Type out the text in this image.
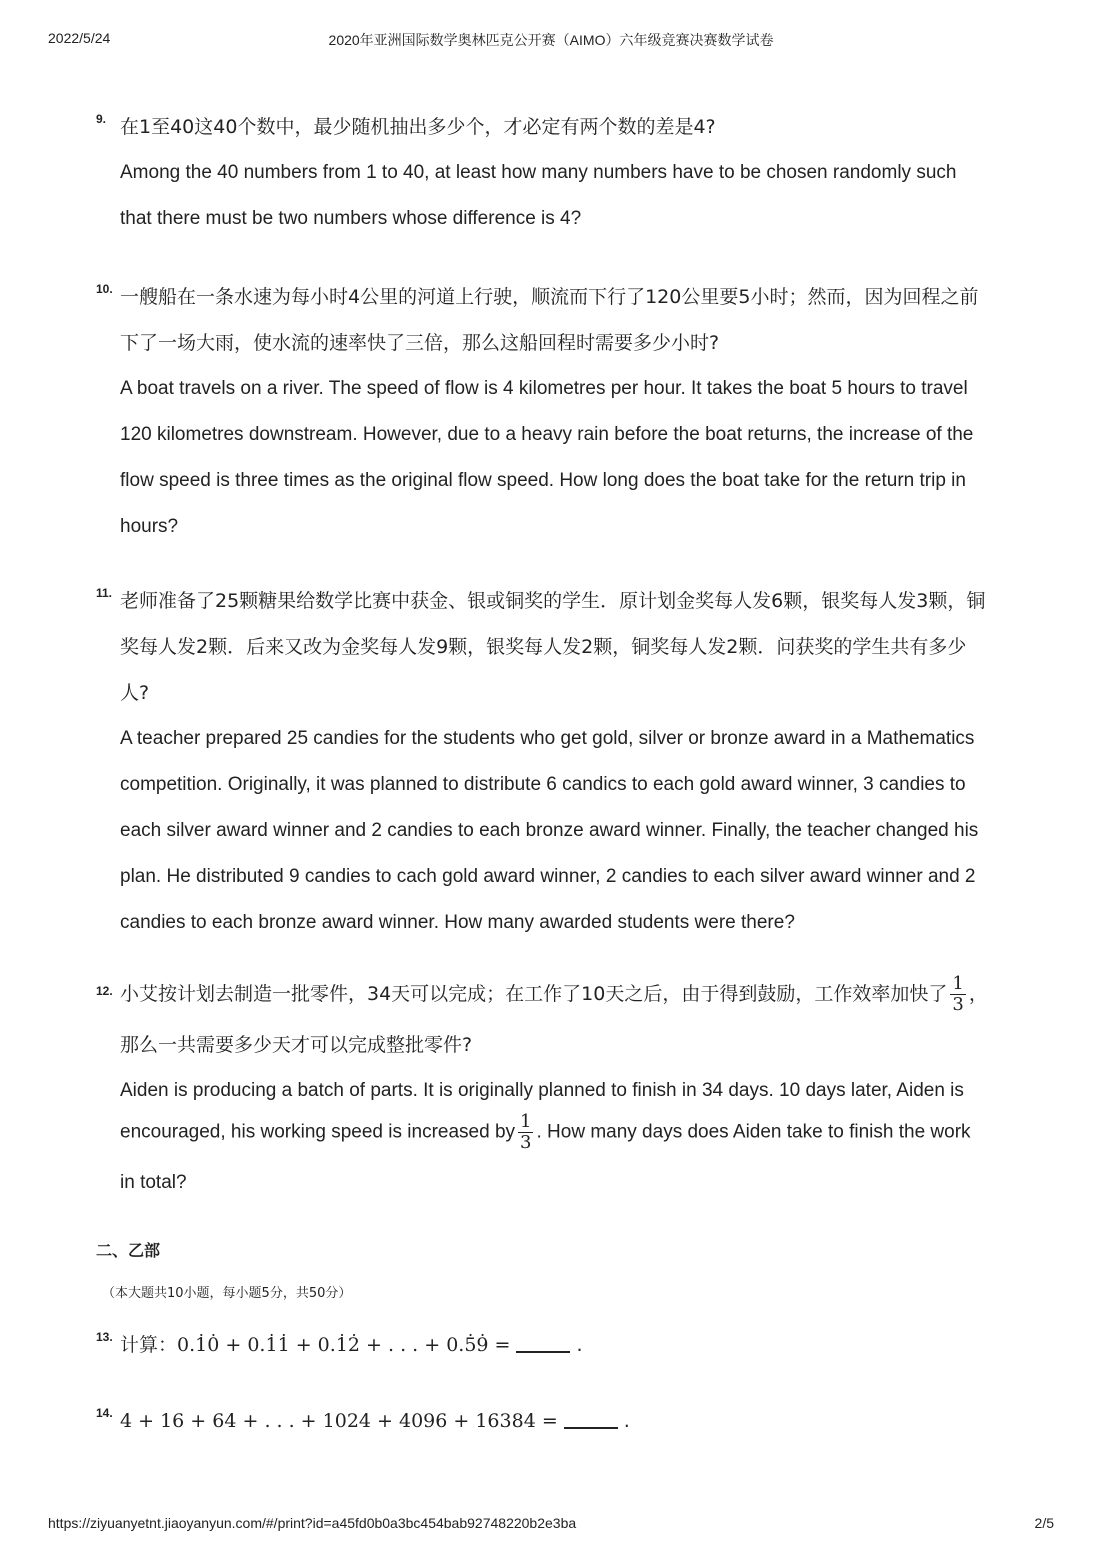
2022/5/24	2020年亚洲国际数学奥林匹克公开赛（AIMO）六年级竞赛决赛数学试卷
9. 在1至40这40个数中，最少随机抽出多少个，才必定有两个数的差是4?
Among the 40 numbers from 1 to 40, at least how many numbers have to be chosen randomly such
that there must be two numbers whose difference is 4?
10. 一艘船在一条水速为每小时4公里的河道上行驶，顺流而下行了120公里要5小时；然而，因为回程之前
下了一场大雨，使水流的速率快了三倍，那么这船回程时需要多少小时?
A boat travels on a river. The speed of flow is 4 kilometres per hour. It takes the boat 5 hours to travel
120 kilometres downstream. However, due to a heavy rain before the boat returns, the increase of the
flow speed is three times as the original flow speed. How long does the boat take for the return trip in
hours?
11. 老师准备了25颗糖果给数学比赛中获金、银或铜奖的学生．原计划金奖每人发6颗，银奖每人发3颗，铜
奖每人发2颗．后来又改为金奖每人发9颗，银奖每人发2颗，铜奖每人发2颗．问获奖的学生共有多少
人?
A teacher prepared 25 candies for the students who get gold, silver or bronze award in a Mathematics
competition. Originally, it was planned to distribute 6 candics to each gold award winner, 3 candies to
each silver award winner and 2 candies to each bronze award winner. Finally, the teacher changed his
plan. He distributed 9 candies to cach gold award winner, 2 candies to each silver award winner and 2
candies to each bronze award winner. How many awarded students were there?
12. 小艾按计划去制造一批零件，34天可以完成；在工作了10天之后，由于得到鼓励，工作效率加快了 $\frac{1}{3}$ ，
那么一共需要多少天才可以完成整批零件?
Aiden is producing a batch of parts. It is originally planned to finish in 34 days. 10 days later, Aiden is
encouraged, his working speed is increased by $\frac{1}{3}$ . How many days does Aiden take to finish the work
in total?
二、乙部
（本大题共10小题，每小题5分，共50分）
13. 计算：0.. 1. 0 + 0.. 1. 1 + 0.. 1. 2 + . . . + 0.. 5. 9 =	.
14. 4 + 16 + 64 + . . . + 1024 + 4096 + 16384 =	.
https://ziyuanyetnt.jiaoyanyun.com/#/print?id=a45fd0b0a3bc454bab92748220b2e3ba	2/5
